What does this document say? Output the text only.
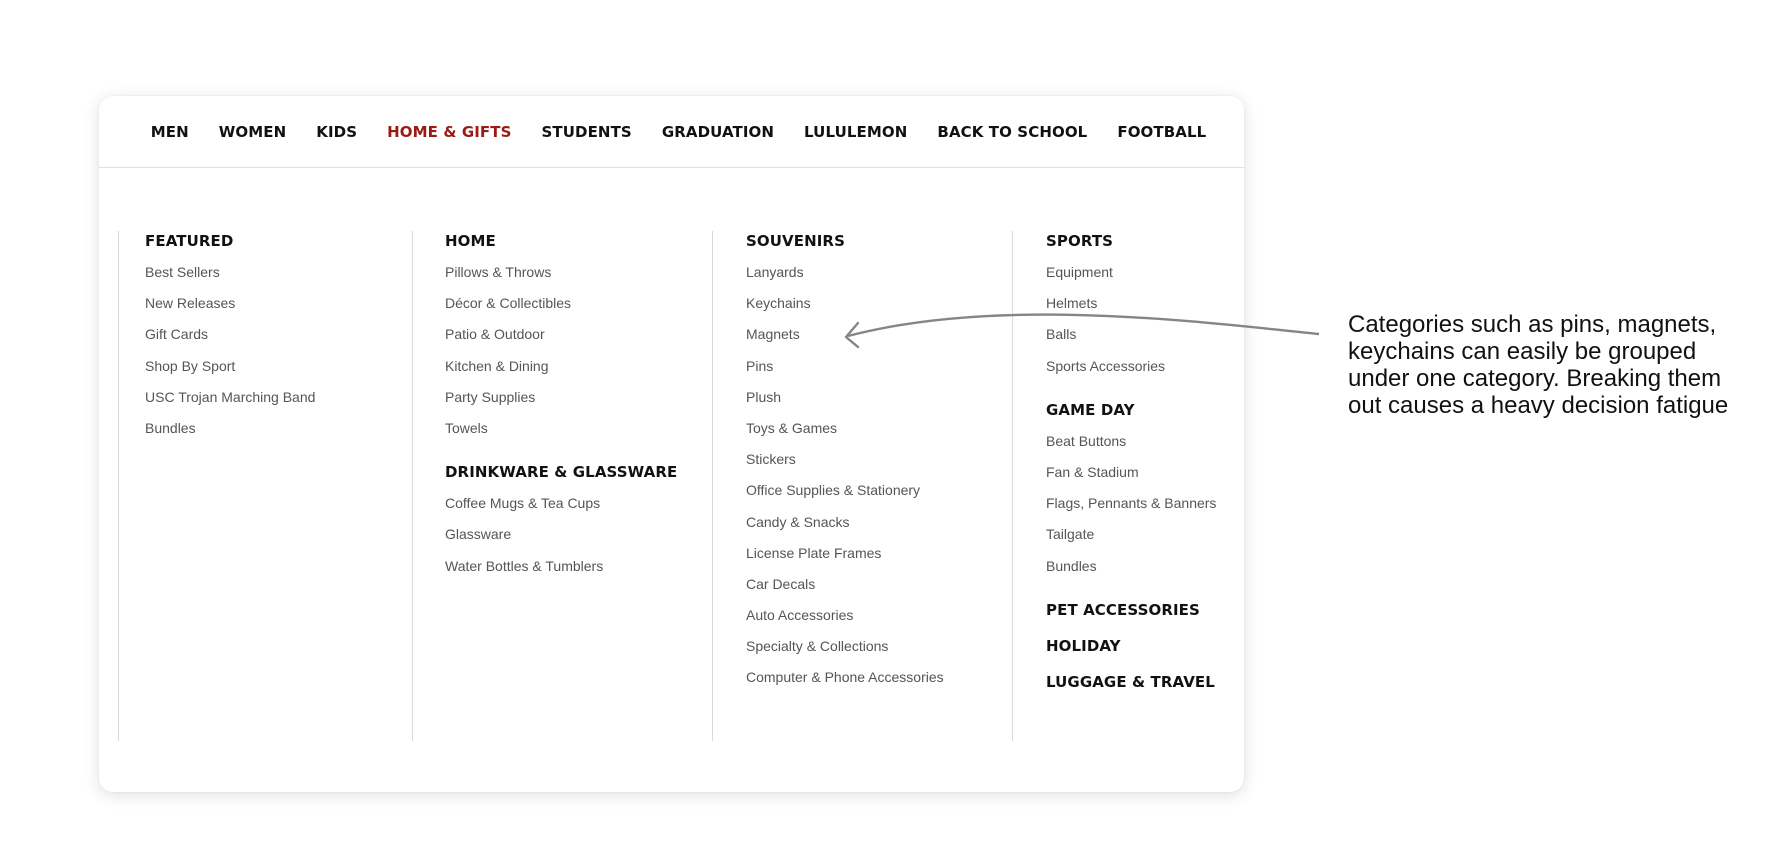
MEN WOMEN KIDS HOME & GIFTS STUDENTS GRADUATION LULULEMON BACK TO SCHOOL FOOTBALL
FEATURED
Best Sellers
New Releases
Gift Cards
Shop By Sport
USC Trojan Marching Band
Bundles
HOME
Pillows & Throws
Décor & Collectibles
Patio & Outdoor
Kitchen & Dining
Party Supplies
Towels
DRINKWARE & GLASSWARE
Coffee Mugs & Tea Cups
Glassware
Water Bottles & Tumblers
SOUVENIRS
Lanyards
Keychains
Magnets
Pins
Plush
Toys & Games
Stickers
Office Supplies & Stationery
Candy & Snacks
License Plate Frames
Car Decals
Auto Accessories
Specialty & Collections
Computer & Phone Accessories
SPORTS
Equipment
Helmets
Balls
Sports Accessories
GAME DAY
Beat Buttons
Fan & Stadium
Flags, Pennants & Banners
Tailgate
Bundles
PET ACCESSORIES
HOLIDAY
LUGGAGE & TRAVEL
Categories such as pins, magnets, keychains can easily be grouped under one category. Breaking them out causes a heavy decision fatigue
